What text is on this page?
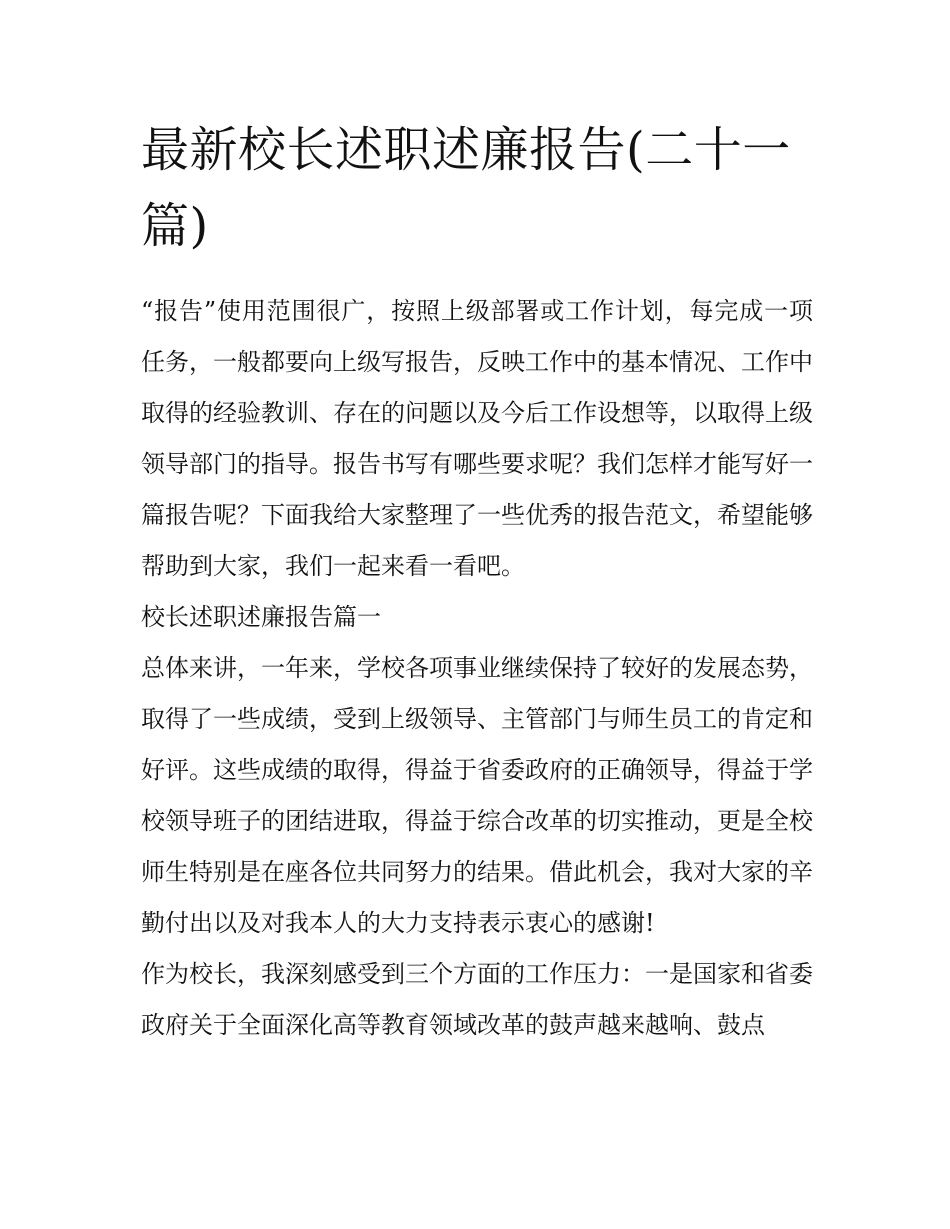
最新校长述职述廉报告(二十一篇)

“报告”使用范围很广，按照上级部署或工作计划，每完成一项任务，一般都要向上级写报告，反映工作中的基本情况、工作中取得的经验教训、存在的问题以及今后工作设想等，以取得上级领导部门的指导。报告书写有哪些要求呢？我们怎样才能写好一篇报告呢？下面我给大家整理了一些优秀的报告范文，希望能够帮助到大家，我们一起来看一看吧。

校长述职述廉报告篇一

总体来讲，一年来，学校各项事业继续保持了较好的发展态势，取得了一些成绩，受到上级领导、主管部门与师生员工的肯定和好评。这些成绩的取得，得益于省委政府的正确领导，得益于学校领导班子的团结进取，得益于综合改革的切实推动，更是全校师生特别是在座各位共同努力的结果。借此机会，我对大家的辛勤付出以及对我本人的大力支持表示衷心的感谢!

作为校长，我深刻感受到三个方面的工作压力：一是国家和省委政府关于全面深化高等教育领域改革的鼓声越来越响、鼓点
